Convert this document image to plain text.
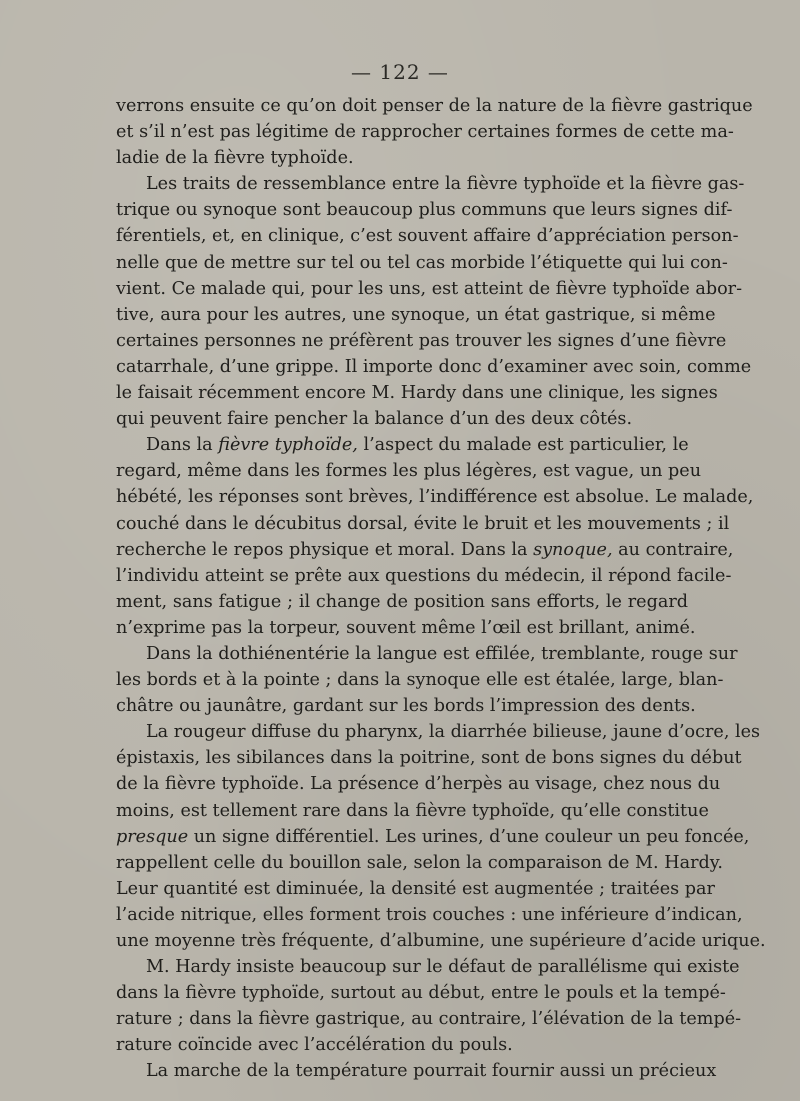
— 122 —

verrons ensuite ce qu’on doit penser de la nature de la fièvre gastrique

et s’il n’est pas légitime de rapprocher certaines formes de cette ma-

ladie de la fièvre typhoïde.

Les traits de ressemblance entre la fièvre typhoïde et la fièvre gas-

trique ou synoque sont beaucoup plus communs que leurs signes dif-

férentiels, et, en clinique, c’est souvent affaire d’appréciation person-

nelle que de mettre sur tel ou tel cas morbide l’étiquette qui lui con-

vient. Ce malade qui, pour les uns, est atteint de fièvre typhoïde abor-

tive, aura pour les autres, une synoque, un état gastrique, si même

certaines personnes ne préfèrent pas trouver les signes d’une fièvre

catarrhale, d’une grippe. Il importe donc d’examiner avec soin, comme

le faisait récemment encore M. Hardy dans une clinique, les signes

qui peuvent faire pencher la balance d’un des deux côtés.

Dans la fièvre typhoïde, l’aspect du malade est particulier, le

regard, même dans les formes les plus légères, est vague, un peu

hébété, les réponses sont brèves, l’indifférence est absolue. Le malade,

couché dans le décubitus dorsal, évite le bruit et les mouvements ; il

recherche le repos physique et moral. Dans la synoque, au contraire,

l’individu atteint se prête aux questions du médecin, il répond facile-

ment, sans fatigue ; il change de position sans efforts, le regard

n’exprime pas la torpeur, souvent même l’œil est brillant, animé.

Dans la dothiénentérie la langue est effilée, tremblante, rouge sur

les bords et à la pointe ; dans la synoque elle est étalée, large, blan-

châtre ou jaunâtre, gardant sur les bords l’impression des dents.

La rougeur diffuse du pharynx, la diarrhée bilieuse, jaune d’ocre, les

épistaxis, les sibilances dans la poitrine, sont de bons signes du début

de la fièvre typhoïde. La présence d’herpès au visage, chez nous du

moins, est tellement rare dans la fièvre typhoïde, qu’elle constitue

presque un signe différentiel. Les urines, d’une couleur un peu foncée,

rappellent celle du bouillon sale, selon la comparaison de M. Hardy.

Leur quantité est diminuée, la densité est augmentée ; traitées par

l’acide nitrique, elles forment trois couches : une inférieure d’indican,

une moyenne très fréquente, d’albumine, une supérieure d’acide urique.

M. Hardy insiste beaucoup sur le défaut de parallélisme qui existe

dans la fièvre typhoïde, surtout au début, entre le pouls et la tempé-

rature ; dans la fièvre gastrique, au contraire, l’élévation de la tempé-

rature coïncide avec l’accélération du pouls.

La marche de la température pourrait fournir aussi un précieux
